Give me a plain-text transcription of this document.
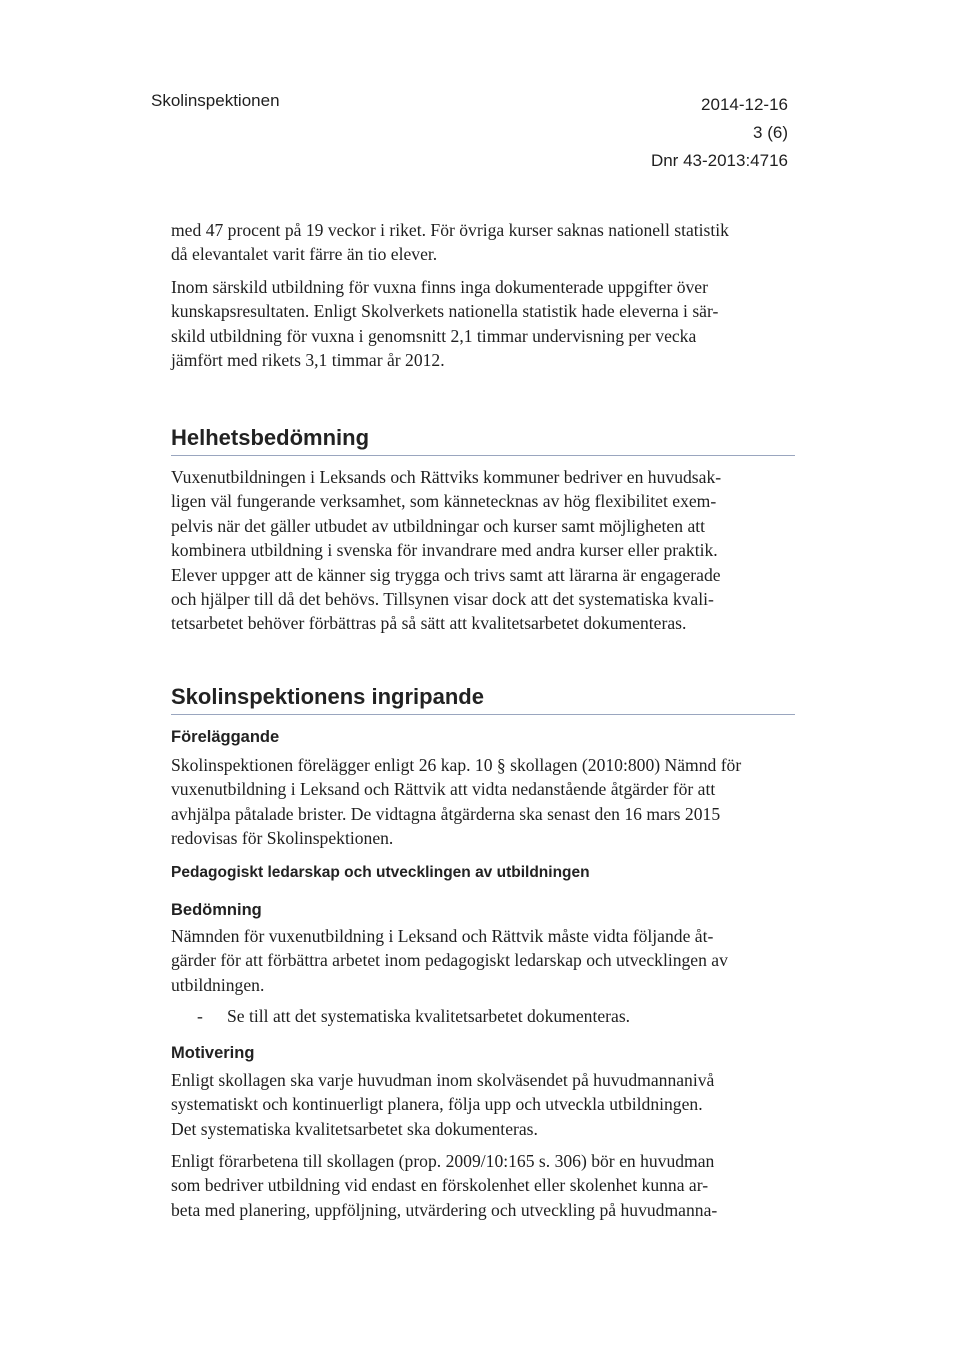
Skolinspektionen	2014-12-16
3 (6)
Dnr 43-2013:4716

med 47 procent på 19 veckor i riket. För övriga kurser saknas nationell statistik

då elevantalet varit färre än tio elever.

Inom särskild utbildning för vuxna finns inga dokumenterade uppgifter över

kunskapsresultaten. Enligt Skolverkets nationella statistik hade eleverna i sär-

skild utbildning för vuxna i genomsnitt 2,1 timmar undervisning per vecka

jämfört med rikets 3,1 timmar år 2012.

Helhetsbedömning

Vuxenutbildningen i Leksands och Rättviks kommuner bedriver en huvudsak-

ligen väl fungerande verksamhet, som kännetecknas av hög flexibilitet exem-

pelvis när det gäller utbudet av utbildningar och kurser samt möjligheten att

kombinera utbildning i svenska för invandrare med andra kurser eller praktik.

Elever uppger att de känner sig trygga och trivs samt att lärarna är engagerade

och hjälper till då det behövs. Tillsynen visar dock att det systematiska kvali-

tetsarbetet behöver förbättras på så sätt att kvalitetsarbetet dokumenteras.

Skolinspektionens ingripande
Föreläggande

Skolinspektionen förelägger enligt 26 kap. 10 § skollagen (2010:800) Nämnd för

vuxenutbildning i Leksand och Rättvik att vidta nedanstående åtgärder för att

avhjälpa påtalade brister. De vidtagna åtgärderna ska senast den 16 mars 2015

redovisas för Skolinspektionen.

Pedagogiskt ledarskap och utvecklingen av utbildningen
Bedömning

Nämnden för vuxenutbildning i Leksand och Rättvik måste vidta följande åt-

gärder för att förbättra arbetet inom pedagogiskt ledarskap och utvecklingen av

utbildningen.

- Se till att det systematiska kvalitetsarbetet dokumenteras.
Motivering

Enligt skollagen ska varje huvudman inom skolväsendet på huvudmannanivå

systematiskt och kontinuerligt planera, följa upp och utveckla utbildningen.

Det systematiska kvalitetsarbetet ska dokumenteras.

Enligt förarbetena till skollagen (prop. 2009/10:165 s. 306) bör en huvudman

som bedriver utbildning vid endast en förskolenhet eller skolenhet kunna ar-

beta med planering, uppföljning, utvärdering och utveckling på huvudmanna-
